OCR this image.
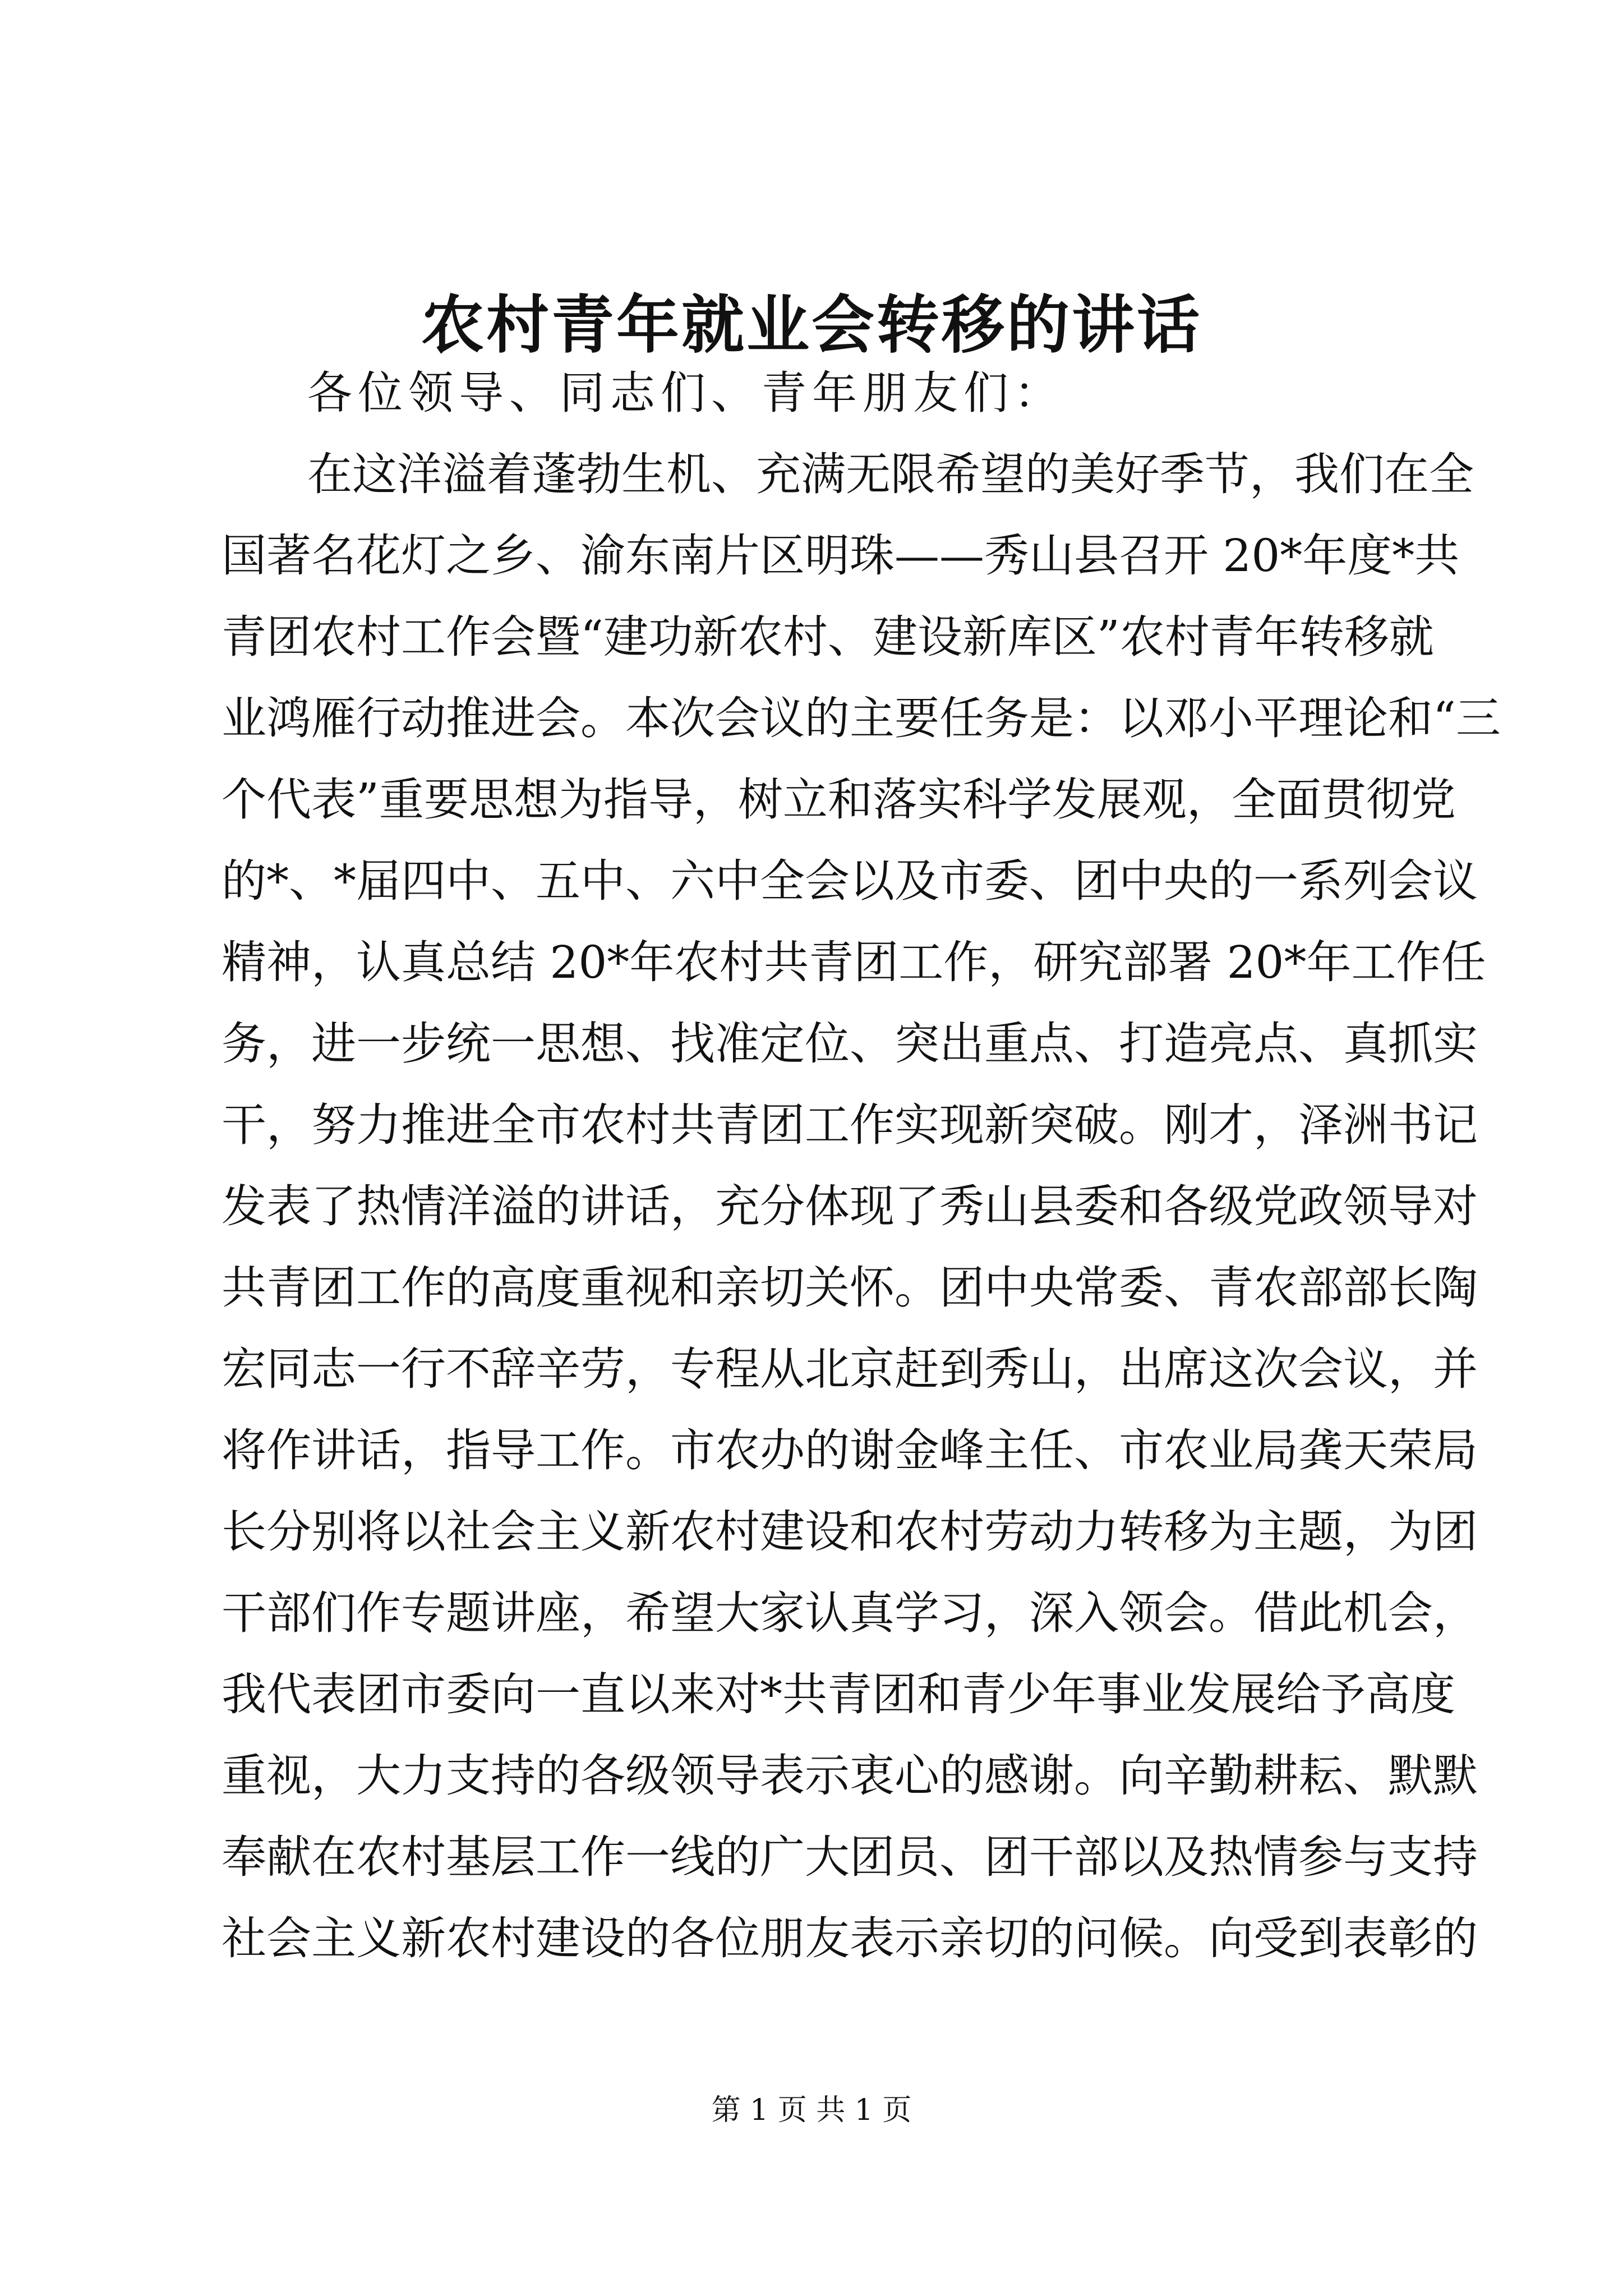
农村青年就业会转移的讲话

各位领导、同志们、青年朋友们：

在这洋溢着蓬勃生机、充满无限希望的美好季节，我们在全

国著名花灯之乡、渝东南片区明珠——秀山县召开 20*年度*共

青团农村工作会暨“建功新农村、建设新库区”农村青年转移就

业鸿雁行动推进会。本次会议的主要任务是：以邓小平理论和“三

个代表”重要思想为指导，树立和落实科学发展观，全面贯彻党

的*、*届四中、五中、六中全会以及市委、团中央的一系列会议

精神，认真总结 20*年农村共青团工作，研究部署 20*年工作任

务，进一步统一思想、找准定位、突出重点、打造亮点、真抓实

干，努力推进全市农村共青团工作实现新突破。刚才，泽洲书记

发表了热情洋溢的讲话，充分体现了秀山县委和各级党政领导对

共青团工作的高度重视和亲切关怀。团中央常委、青农部部长陶

宏同志一行不辞辛劳，专程从北京赶到秀山，出席这次会议，并

将作讲话，指导工作。市农办的谢金峰主任、市农业局龚天荣局

长分别将以社会主义新农村建设和农村劳动力转移为主题，为团

干部们作专题讲座，希望大家认真学习，深入领会。借此机会，

我代表团市委向一直以来对*共青团和青少年事业发展给予高度

重视，大力支持的各级领导表示衷心的感谢。向辛勤耕耘、默默

奉献在农村基层工作一线的广大团员、团干部以及热情参与支持

社会主义新农村建设的各位朋友表示亲切的问候。向受到表彰的

第 1 页 共 1 页
